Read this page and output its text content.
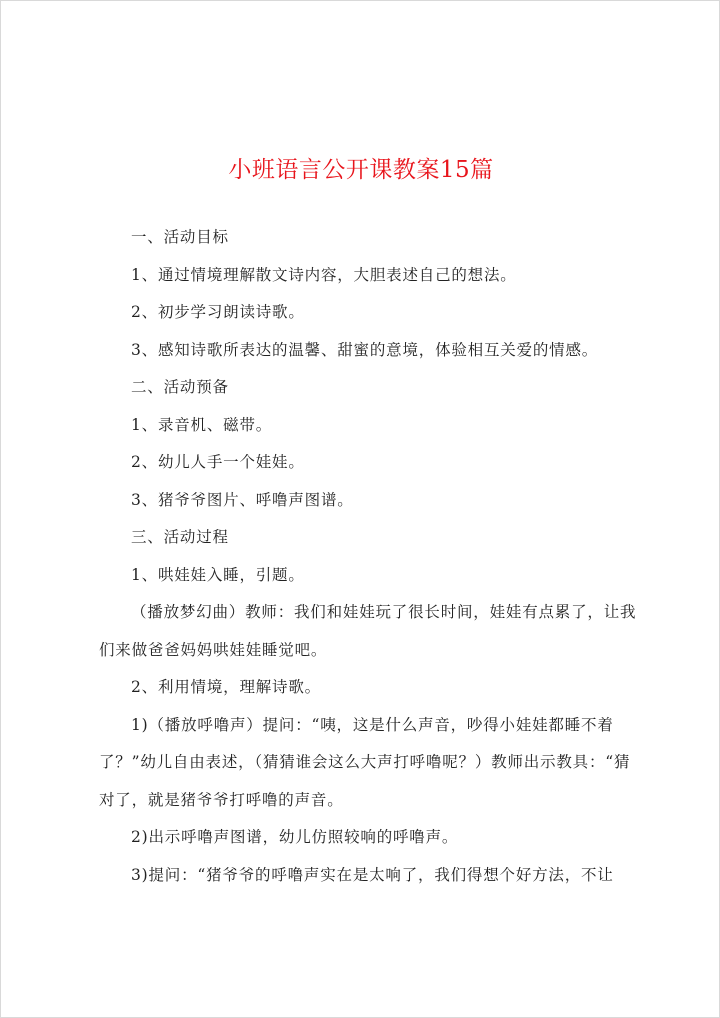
小班语言公开课教案15篇

一、活动目标

1、通过情境理解散文诗内容，大胆表述自己的想法。

2、初步学习朗读诗歌。

3、感知诗歌所表达的温馨、甜蜜的意境，体验相互关爱的情感。

二、活动预备

1、录音机、磁带。

2、幼儿人手一个娃娃。

3、猪爷爷图片、呼噜声图谱。

三、活动过程

1、哄娃娃入睡，引题。

（播放梦幻曲）教师：我们和娃娃玩了很长时间，娃娃有点累了，让我们来做爸爸妈妈哄娃娃睡觉吧。

2、利用情境，理解诗歌。

1)（播放呼噜声）提问：“咦，这是什么声音，吵得小娃娃都睡不着了？”幼儿自由表述，（猜猜谁会这么大声打呼噜呢？）教师出示教具：“猜对了，就是猪爷爷打呼噜的声音。

2)出示呼噜声图谱，幼儿仿照较响的呼噜声。

3)提问：“猪爷爷的呼噜声实在是太响了，我们得想个好方法，不让
